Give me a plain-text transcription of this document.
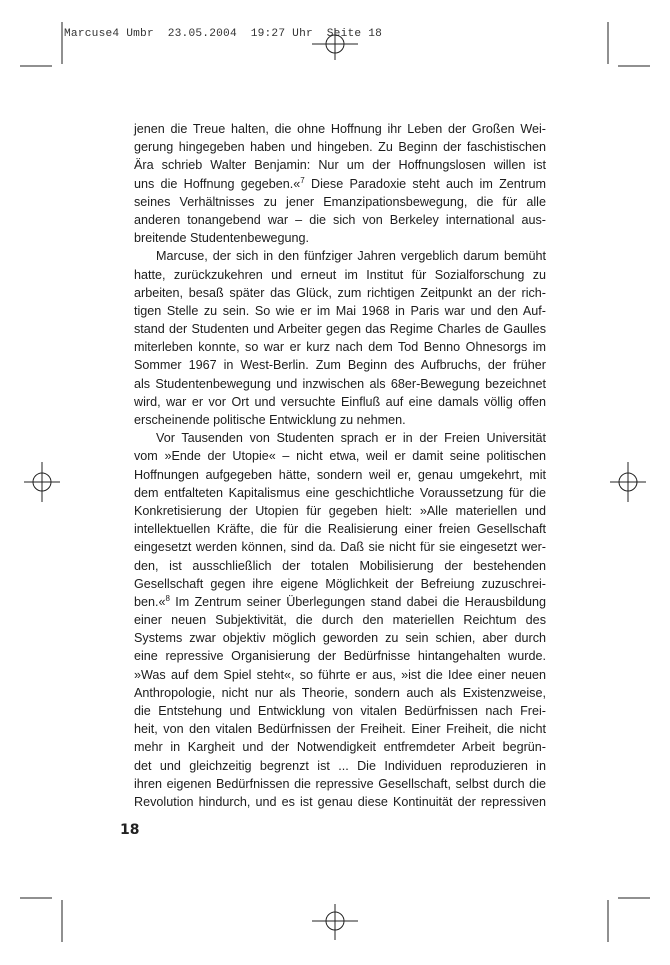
Marcuse4 Umbr 23.05.2004 19:27 Uhr Seite 18
jenen die Treue halten, die ohne Hoffnung ihr Leben der Großen Wei-
gerung hingegeben haben und hingeben. Zu Beginn der faschistischen
Ära schrieb Walter Benjamin: Nur um der Hoffnungslosen willen ist
uns die Hoffnung gegeben.«$^7$ Diese Paradoxie steht auch im Zentrum
seines Verhältnisses zu jener Emanzipationsbewegung, die für alle
anderen tonangebend war – die sich von Berkeley international aus-
breitende Studentenbewegung.
Marcuse, der sich in den fünfziger Jahren vergeblich darum bemüht
hatte, zurückzukehren und erneut im Institut für Sozialforschung zu
arbeiten, besaß später das Glück, zum richtigen Zeitpunkt an der rich-
tigen Stelle zu sein. So wie er im Mai 1968 in Paris war und den Auf-
stand der Studenten und Arbeiter gegen das Regime Charles de Gaulles
miterleben konnte, so war er kurz nach dem Tod Benno Ohnesorgs im
Sommer 1967 in West-Berlin. Zum Beginn des Aufbruchs, der früher
als Studentenbewegung und inzwischen als 68er-Bewegung bezeichnet
wird, war er vor Ort und versuchte Einfluß auf eine damals völlig offen
erscheinende politische Entwicklung zu nehmen.
Vor Tausenden von Studenten sprach er in der Freien Universität
vom »Ende der Utopie« – nicht etwa, weil er damit seine politischen
Hoffnungen aufgegeben hätte, sondern weil er, genau umgekehrt, mit
dem entfalteten Kapitalismus eine geschichtliche Voraussetzung für die
Konkretisierung der Utopien für gegeben hielt: »Alle materiellen und
intellektuellen Kräfte, die für die Realisierung einer freien Gesellschaft
eingesetzt werden können, sind da. Daß sie nicht für sie eingesetzt wer-
den, ist ausschließlich der totalen Mobilisierung der bestehenden
Gesellschaft gegen ihre eigene Möglichkeit der Befreiung zuzuschrei-
ben.«$^8$ Im Zentrum seiner Überlegungen stand dabei die Herausbildung
einer neuen Subjektivität, die durch den materiellen Reichtum des
Systems zwar objektiv möglich geworden zu sein schien, aber durch
eine repressive Organisierung der Bedürfnisse hintangehalten wurde.
»Was auf dem Spiel steht«, so führte er aus, »ist die Idee einer neuen
Anthropologie, nicht nur als Theorie, sondern auch als Existenzweise,
die Entstehung und Entwicklung von vitalen Bedürfnissen nach Frei-
heit, von den vitalen Bedürfnissen der Freiheit. Einer Freiheit, die nicht
mehr in Kargheit und der Notwendigkeit entfremdeter Arbeit begrün-
det und gleichzeitig begrenzt ist ... Die Individuen reproduzieren in
ihren eigenen Bedürfnissen die repressive Gesellschaft, selbst durch die
Revolution hindurch, und es ist genau diese Kontinuität der repressiven
18
